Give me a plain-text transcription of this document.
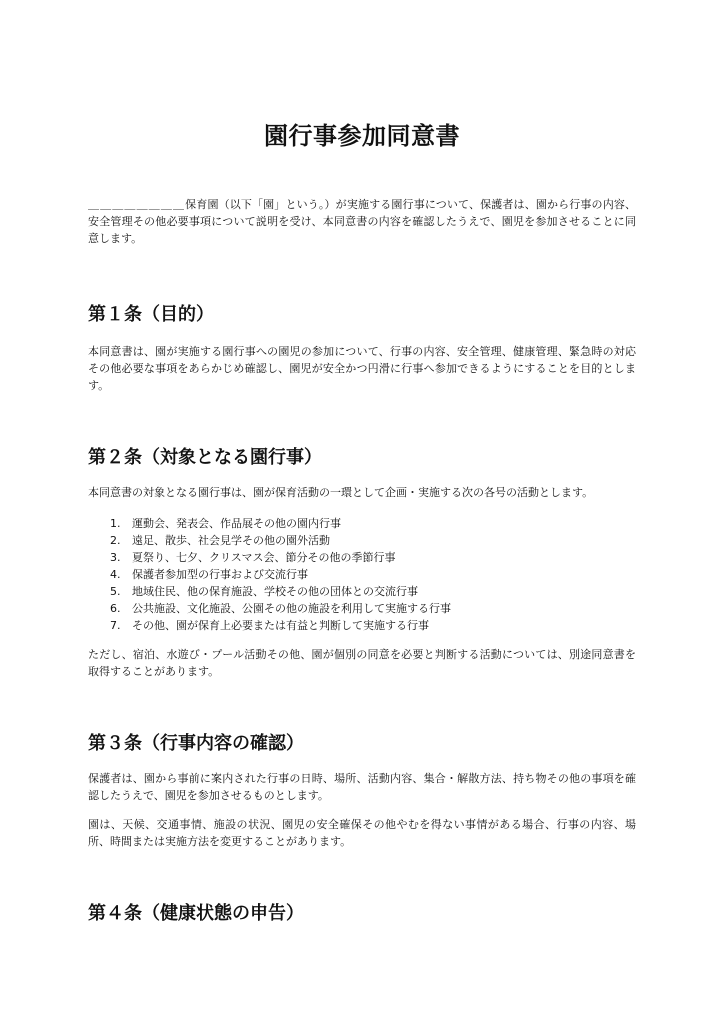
園行事参加同意書

＿＿＿＿＿＿＿＿保育園（以下「園」という。）が実施する園行事について、保護者は、園から行事の内容、安全管理その他必要事項について説明を受け、本同意書の内容を確認したうえで、園児を参加させることに同意します。

第１条（目的）

本同意書は、園が実施する園行事への園児の参加について、行事の内容、安全管理、健康管理、緊急時の対応その他必要な事項をあらかじめ確認し、園児が安全かつ円滑に行事へ参加できるようにすることを目的とします。

第２条（対象となる園行事）

本同意書の対象となる園行事は、園が保育活動の一環として企画・実施する次の各号の活動とします。

1.	運動会、発表会、作品展その他の園内行事
2.	遠足、散歩、社会見学その他の園外活動
3.	夏祭り、七夕、クリスマス会、節分その他の季節行事
4.	保護者参加型の行事および交流行事
5.	地域住民、他の保育施設、学校その他の団体との交流行事
6.	公共施設、文化施設、公園その他の施設を利用して実施する行事
7.	その他、園が保育上必要または有益と判断して実施する行事

ただし、宿泊、水遊び・プール活動その他、園が個別の同意を必要と判断する活動については、別途同意書を取得することがあります。

第３条（行事内容の確認）

保護者は、園から事前に案内された行事の日時、場所、活動内容、集合・解散方法、持ち物その他の事項を確認したうえで、園児を参加させるものとします。

園は、天候、交通事情、施設の状況、園児の安全確保その他やむを得ない事情がある場合、行事の内容、場所、時間または実施方法を変更することがあります。

第４条（健康状態の申告）
